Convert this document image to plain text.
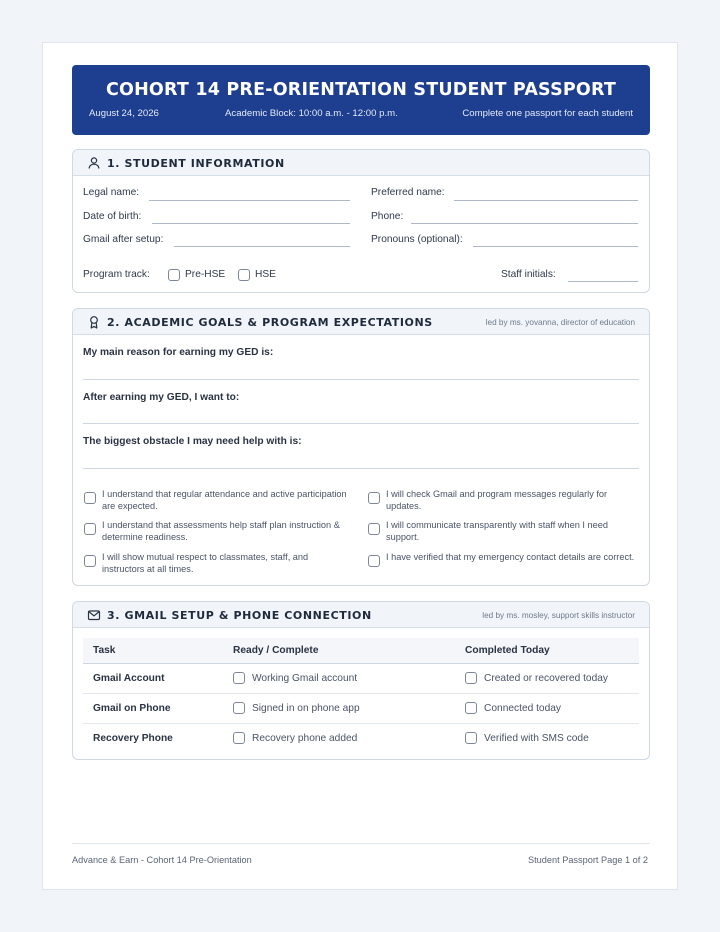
COHORT 14 PRE-ORIENTATION STUDENT PASSPORT
August 24, 2026	Academic Block: 10:00 a.m. - 12:00 p.m.	Complete one passport for each student
1. STUDENT INFORMATION
Legal name:	Preferred name:
Date of birth:	Phone:
Gmail after setup:	Pronouns (optional):
Program track:	Pre-HSE	HSE	Staff initials:
2. ACADEMIC GOALS & PROGRAM EXPECTATIONS	led by ms. yovanna, director of education
My main reason for earning my GED is:
After earning my GED, I want to:
The biggest obstacle I may need help with is:
I understand that regular attendance and active participation are expected.
I will check Gmail and program messages regularly for updates.
I understand that assessments help staff plan instruction & determine readiness.
I will communicate transparently with staff when I need support.
I will show mutual respect to classmates, staff, and instructors at all times.
I have verified that my emergency contact details are correct.
3. GMAIL SETUP & PHONE CONNECTION	led by ms. mosley, support skills instructor
Task	Ready / Complete	Completed Today
Gmail Account	Working Gmail account	Created or recovered today

Gmail on Phone	Signed in on phone app	Connected today

Recovery Phone	Recovery phone added	Verified with SMS code
Advance & Earn - Cohort 14 Pre-Orientation	Student Passport Page 1 of 2
